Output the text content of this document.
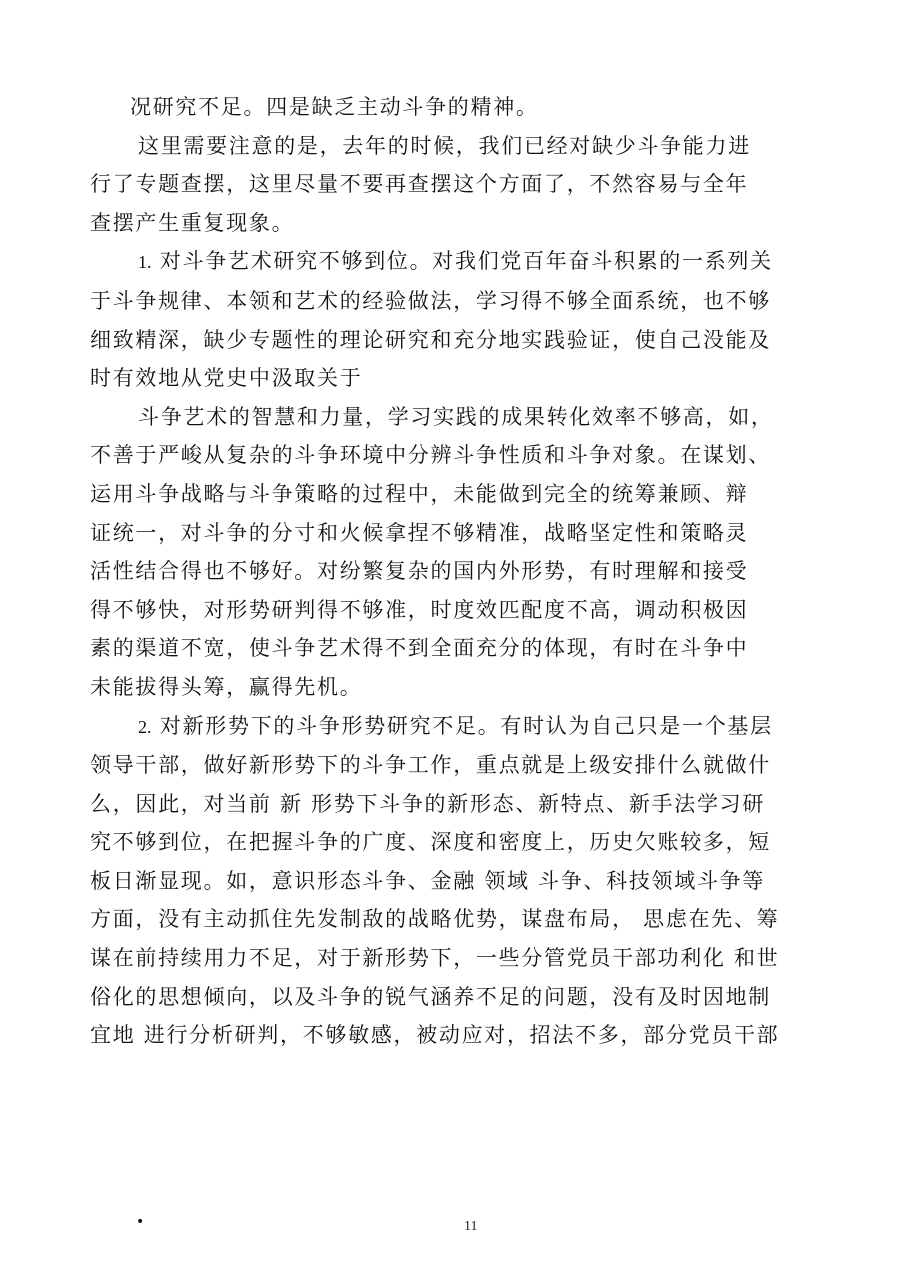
况研究不足。四是缺乏主动斗争的精神。

这里需要注意的是，去年的时候，我们已经对缺少斗争能力进
行了专题查摆，这里尽量不要再查摆这个方面了，不然容易与全年
查摆产生重复现象。

1. 对斗争艺术研究不够到位。对我们党百年奋斗积累的一系列关
于斗争规律、本领和艺术的经验做法，学习得不够全面系统，也不够
细致精深，缺少专题性的理论研究和充分地实践验证，使自己没能及
时有效地从党史中汲取关于

斗争艺术的智慧和力量，学习实践的成果转化效率不够高，如，
不善于严峻从复杂的斗争环境中分辨斗争性质和斗争对象。在谋划、
运用斗争战略与斗争策略的过程中，未能做到完全的统筹兼顾、辩
证统一，对斗争的分寸和火候拿捏不够精准，战略坚定性和策略灵
活性结合得也不够好。对纷繁复杂的国内外形势，有时理解和接受
得不够快，对形势研判得不够准，时度效匹配度不高，调动积极因
素的渠道不宽，使斗争艺术得不到全面充分的体现，有时在斗争中
未能拔得头筹，赢得先机。

2. 对新形势下的斗争形势研究不足。有时认为自己只是一个基层
领导干部，做好新形势下的斗争工作，重点就是上级安排什么就做什
么，因此，对当前 新 形势下斗争的新形态、新特点、新手法学习研
究不够到位，在把握斗争的广度、深度和密度上，历史欠账较多，短
板日渐显现。如，意识形态斗争、金融 领域 斗争、科技领域斗争等
方面，没有主动抓住先发制敌的战略优势，谋盘布局， 思虑在先、筹
谋在前持续用力不足，对于新形势下，一些分管党员干部功利化 和世
俗化的思想倾向，以及斗争的锐气涵养不足的问题，没有及时因地制
宜地 进行分析研判，不够敏感，被动应对，招法不多，部分党员干部

•	11
